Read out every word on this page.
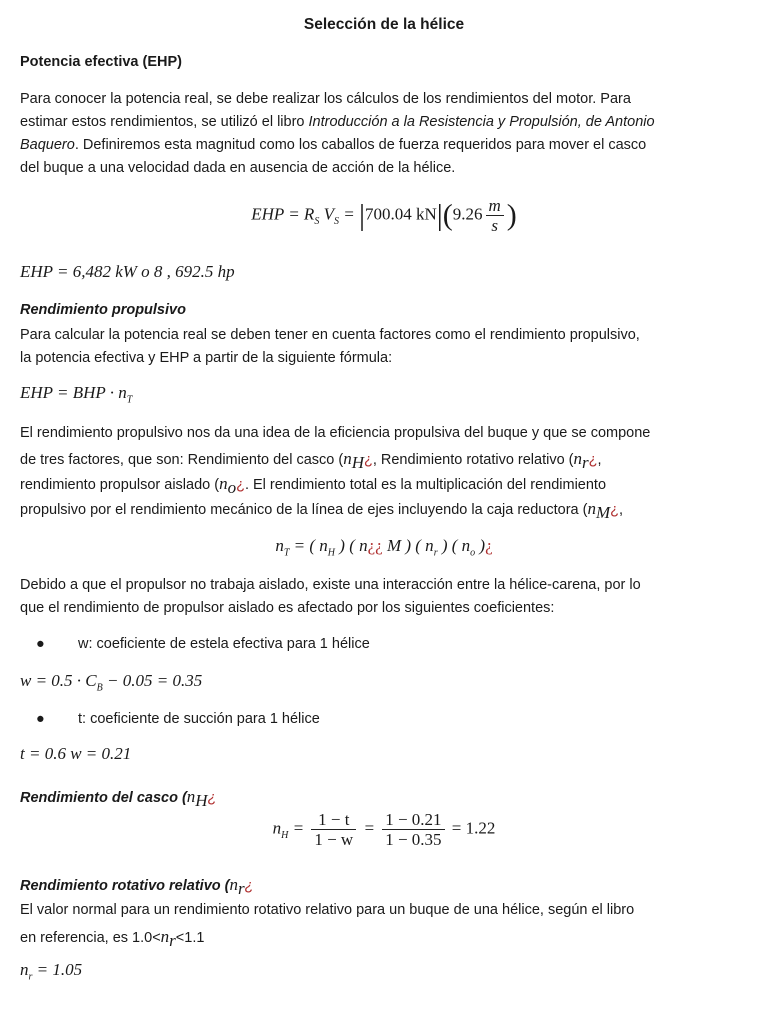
Selección de la hélice
Potencia efectiva (EHP)
Para conocer la potencia real, se debe realizar los cálculos de los rendimientos del motor. Para
estimar estos rendimientos, se utilizó el libro Introducción a la Resistencia y Propulsión, de Antonio
Baquero. Definiremos esta magnitud como los caballos de fuerza requeridos para mover el casco
del buque a una velocidad dada en ausencia de acción de la hélice.
EHP = $R_S$ $V_S = |700.04$ $kN|(9.26 \frac{m}{s}$ )
EHP = 6,482 kW o 8 , 692.5 hp
Rendimiento propulsivo
Para calcular la potencia real se deben tener en cuenta factores como el rendimiento propulsivo,
la potencia efectiva y EHP a partir de la siguiente fórmula:
EHP = BHP · $n_T$
El rendimiento propulsivo nos da una idea de la eficiencia propulsiva del buque y que se compone
de tres factores, que son: Rendimiento del casco ($n_H¿$, Rendimiento rotativo relativo ($n_r¿$,
rendimiento propulsor aislado ($n_o¿$. El rendimiento total es la multiplicación del rendimiento
propulsivo por el rendimiento mecánico de la línea de ejes incluyendo la caja reductora ($n_M¿$,
$n_T$ = ( $n_H$ ) ( n¿¿ M ) ( $n_r$ ) ( $n_o$ )¿
Debido a que el propulsor no trabaja aislado, existe una interacción entre la hélice-carena, por lo
que el rendimiento de propulsor aislado es afectado por los siguientes coeficientes:
● w: coeficiente de estela efectiva para 1 hélice
$w = 0.5 \cdot C_B - 0.05 = 0.35$
● t: coeficiente de succión para 1 hélice
t = 0.6 w = 0.21
Rendimiento del casco ($n_H¿$
$n_H = \frac{1 - t}{1 - w} = \frac{1 - 0.21}{1 - 0.35} = 1.22$
Rendimiento rotativo relativo ($n_r¿$
El valor normal para un rendimiento rotativo relativo para un buque de una hélice, según el libro
en referencia, es $1.0<n_r<1.1$
$n_r = 1.05$
